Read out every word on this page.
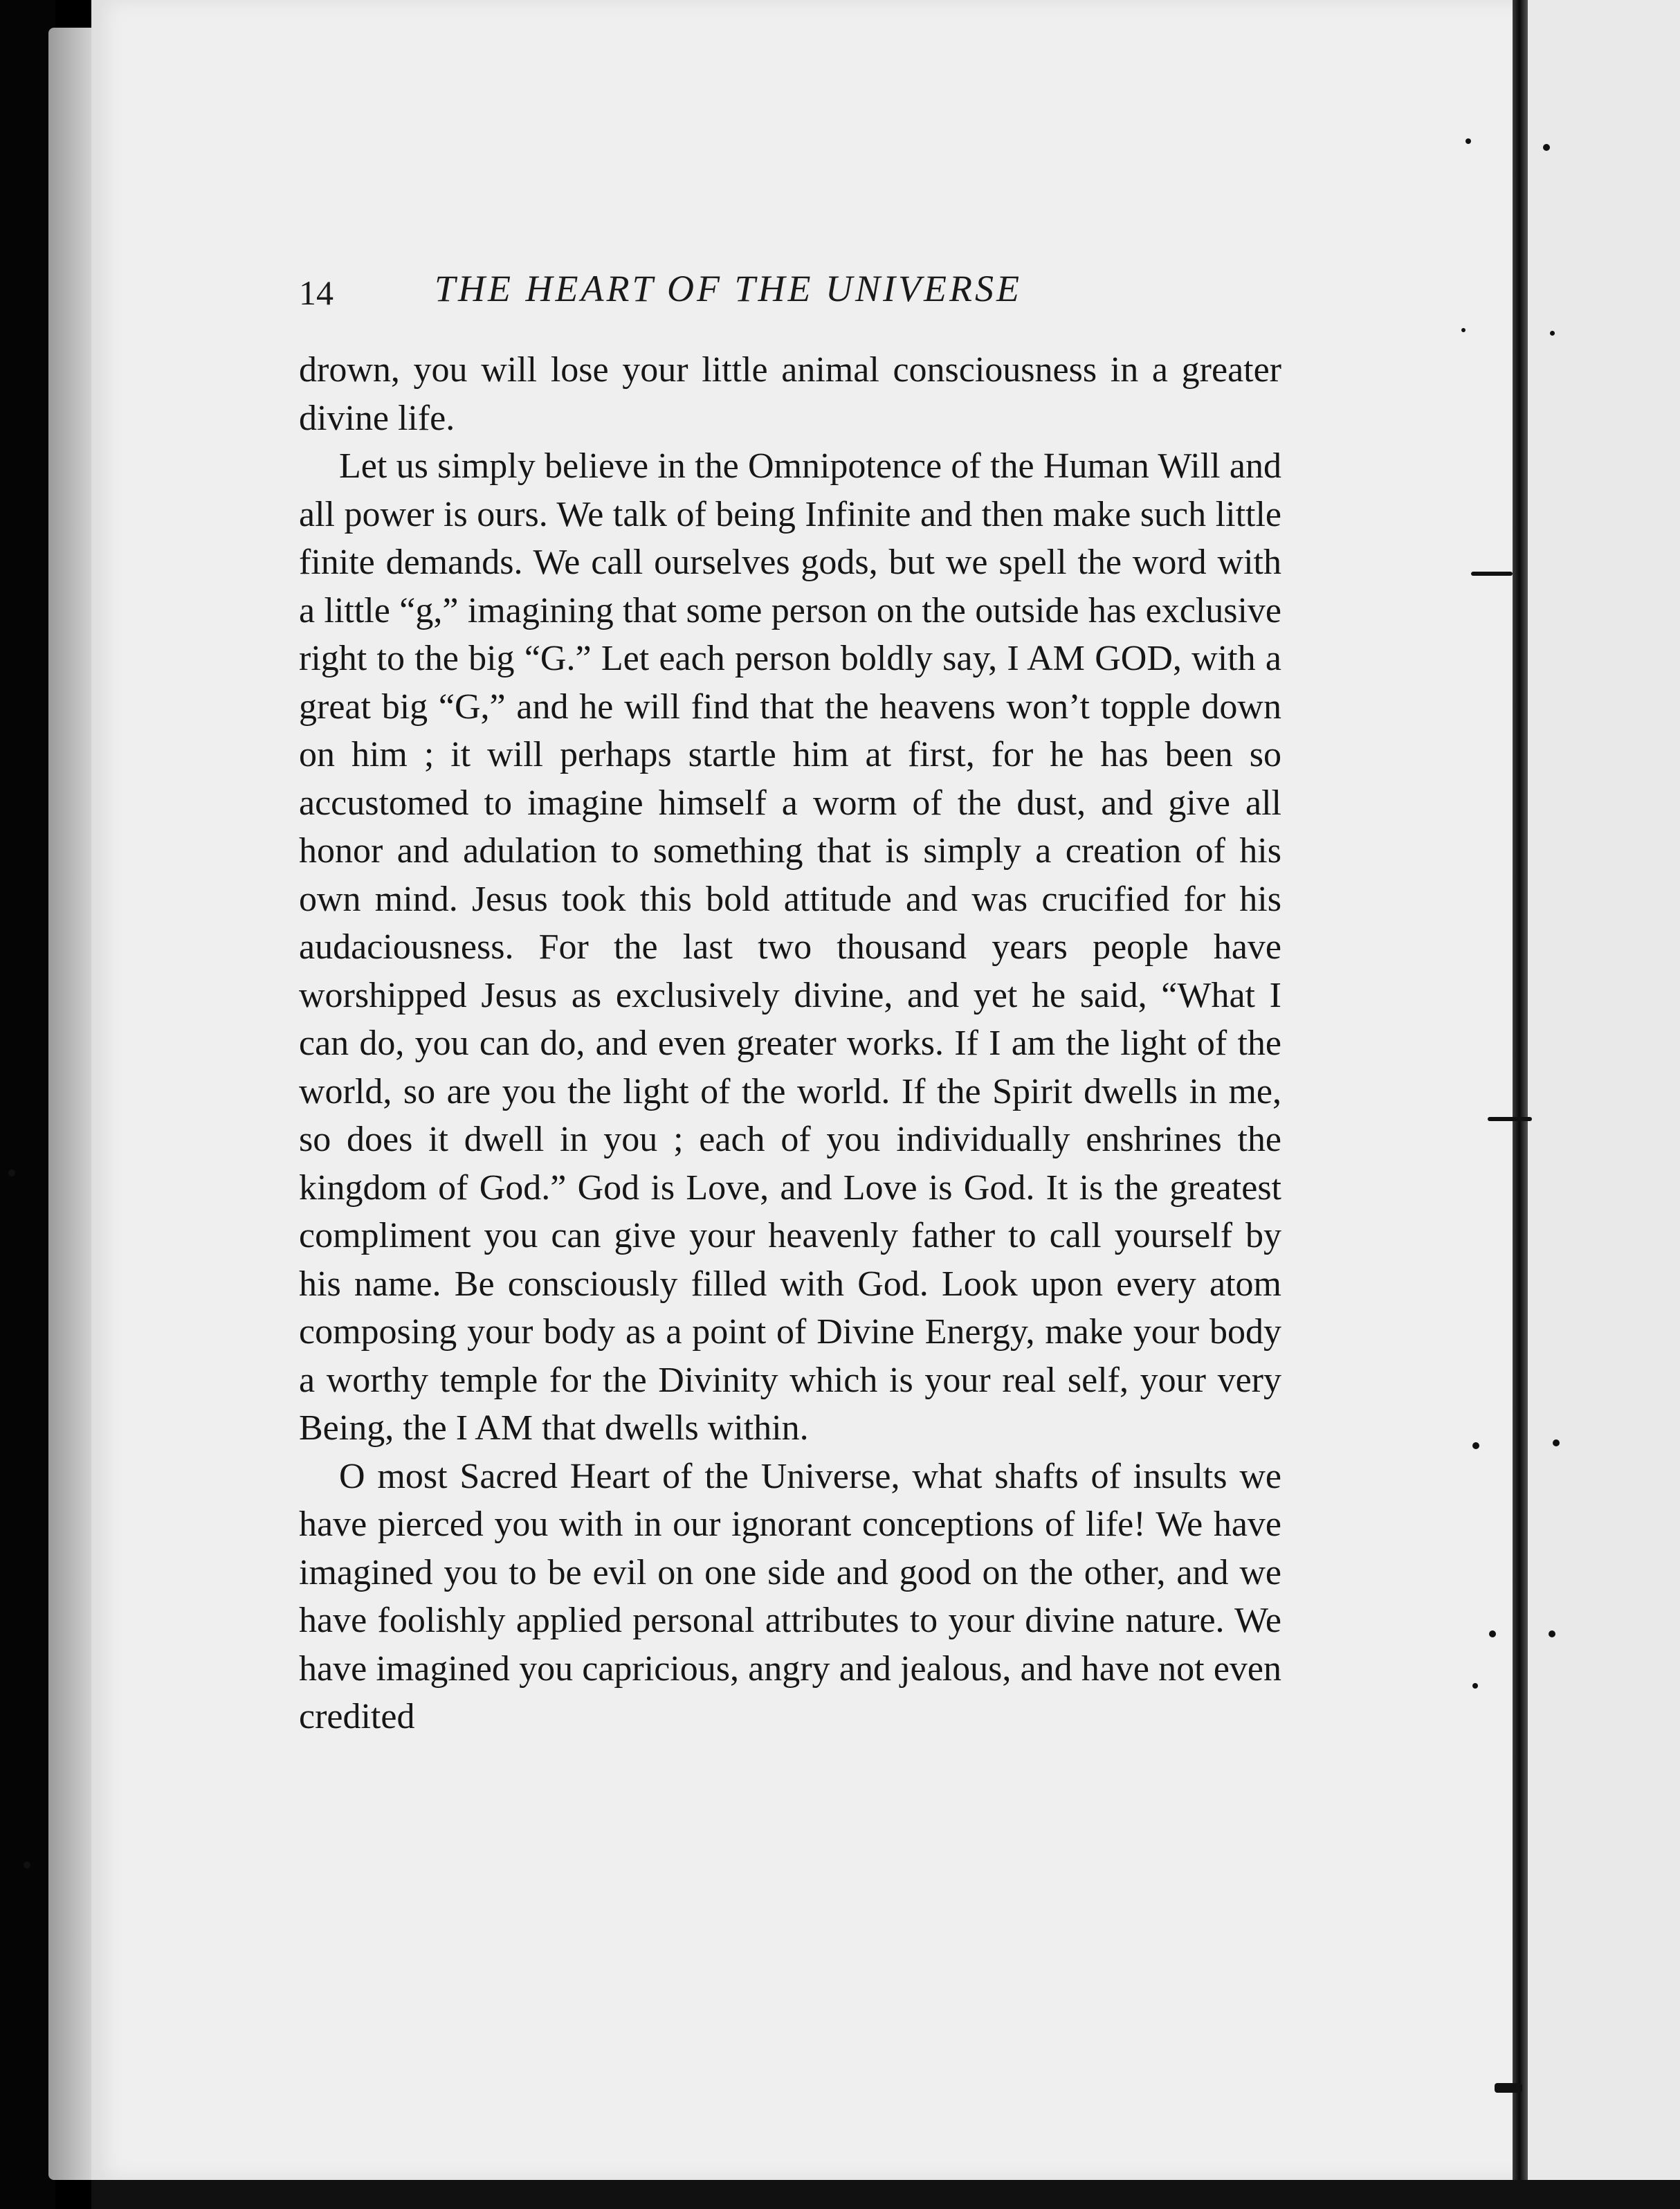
14	THE HEART OF THE UNIVERSE

drown, you will lose your little animal consciousness in a greater divine life.

Let us simply believe in the Omnipotence of the Human Will and all power is ours. We talk of being Infinite and then make such little finite demands. We call ourselves gods, but we spell the word with a little “g,” imagining that some person on the outside has exclusive right to the big “G.” Let each person boldly say, I AM GOD, with a great big “G,” and he will find that the heavens won’t topple down on him ; it will perhaps startle him at first, for he has been so accustomed to imagine himself a worm of the dust, and give all honor and adulation to something that is simply a creation of his own mind. Jesus took this bold attitude and was crucified for his audaciousness. For the last two thousand years people have worshipped Jesus as exclusively divine, and yet he said, “What I can do, you can do, and even greater works. If I am the light of the world, so are you the light of the world. If the Spirit dwells in me, so does it dwell in you ; each of you individually enshrines the kingdom of God.” God is Love, and Love is God. It is the greatest compliment you can give your heavenly father to call yourself by his name. Be consciously filled with God. Look upon every atom composing your body as a point of Divine Energy, make your body a worthy temple for the Divinity which is your real self, your very Being, the I AM that dwells within.

O most Sacred Heart of the Universe, what shafts of insults we have pierced you with in our ignorant conceptions of life! We have imagined you to be evil on one side and good on the other, and we have foolishly applied personal attributes to your divine nature. We have imagined you capricious, angry and jealous, and have not even credited
